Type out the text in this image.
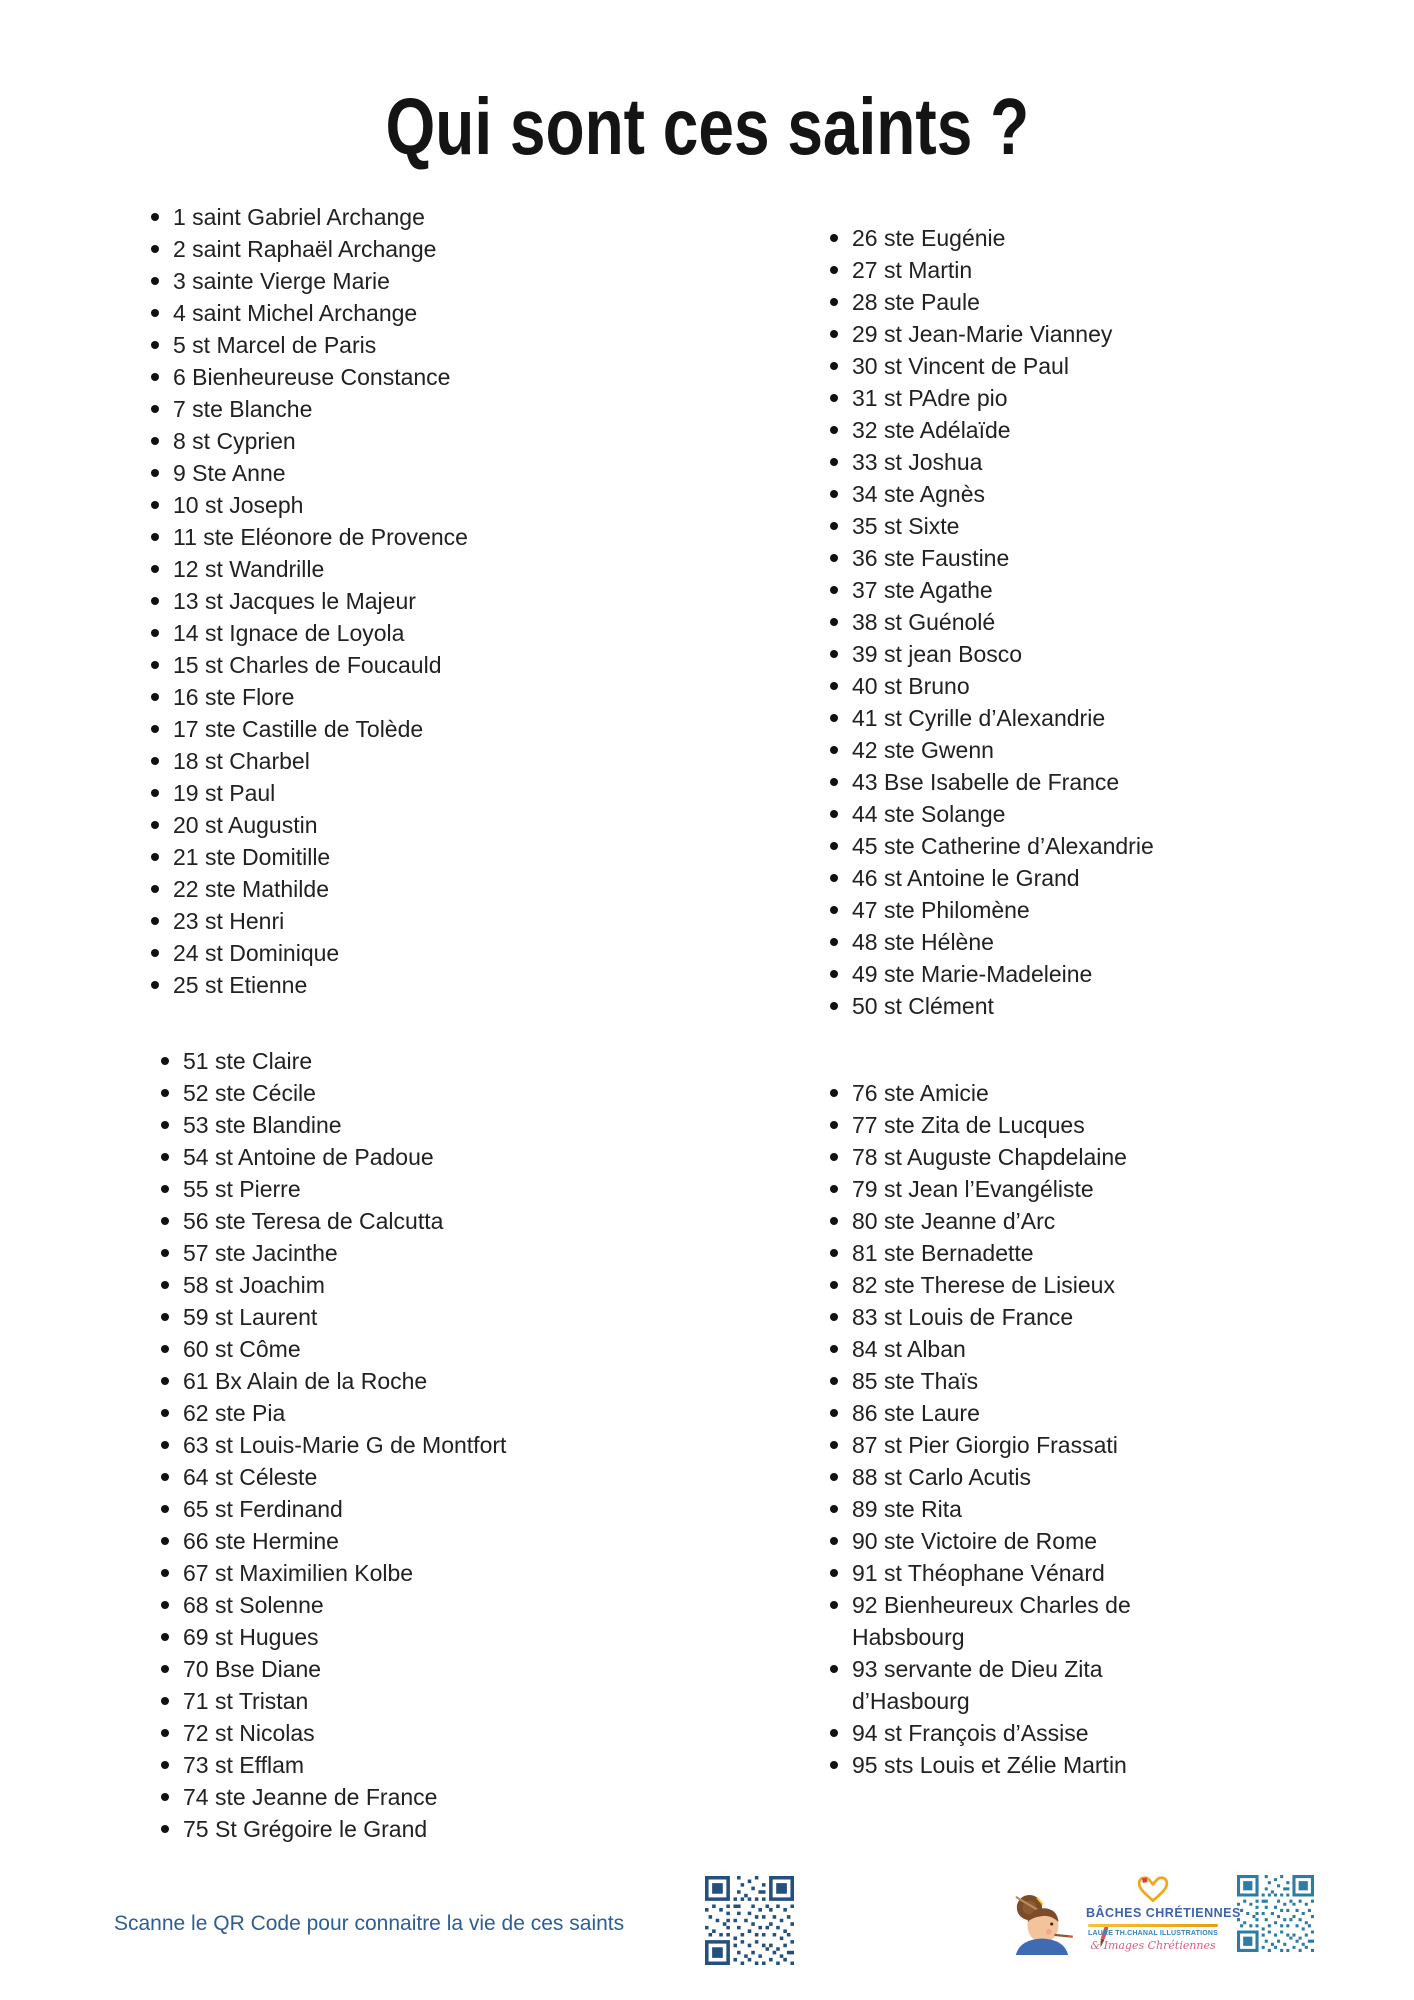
Qui sont ces saints ?
1 saint Gabriel Archange
2 saint Raphaël Archange
3 sainte Vierge Marie
4 saint Michel Archange
5 st Marcel de Paris
6 Bienheureuse Constance
7 ste Blanche
8 st Cyprien
9 Ste Anne
10 st Joseph
11 ste Eléonore de Provence
12 st Wandrille
13 st Jacques le Majeur
14 st Ignace de Loyola
15 st Charles de Foucauld
16 ste Flore
17 ste Castille de Tolède
18 st Charbel
19 st Paul
20 st Augustin
21 ste Domitille
22 ste Mathilde
23 st Henri
24 st Dominique
25 st Etienne
26 ste Eugénie
27 st Martin
28 ste Paule
29 st Jean-Marie Vianney
30 st Vincent de Paul
31 st PAdre pio
32 ste Adélaïde
33 st Joshua
34 ste Agnès
35 st Sixte
36 ste Faustine
37 ste Agathe
38 st Guénolé
39 st jean Bosco
40 st Bruno
41 st Cyrille d’Alexandrie
42 ste Gwenn
43 Bse Isabelle de France
44 ste Solange
45 ste Catherine d’Alexandrie
46 st Antoine le Grand
47 ste Philomène
48 ste Hélène
49 ste Marie-Madeleine
50 st Clément
51 ste Claire
52 ste Cécile
53 ste Blandine
54 st Antoine de Padoue
55 st Pierre
56 ste Teresa de Calcutta
57 ste Jacinthe
58 st Joachim
59 st Laurent
60 st Côme
61 Bx Alain de la Roche
62 ste Pia
63 st Louis-Marie G de Montfort
64 st Céleste
65 st Ferdinand
66 ste Hermine
67 st Maximilien Kolbe
68 st Solenne
69 st Hugues
70 Bse Diane
71 st Tristan
72 st Nicolas
73 st Efflam
74 ste Jeanne de France
75 St Grégoire le Grand
76 ste Amicie
77 ste Zita de Lucques
78 st Auguste Chapdelaine
79 st Jean l’Evangéliste
80 ste Jeanne d’Arc
81 ste Bernadette
82 ste Therese de Lisieux
83 st Louis de France
84 st Alban
85 ste Thaïs
86 ste Laure
87 st Pier Giorgio Frassati
88 st Carlo Acutis
89 ste Rita
90 ste Victoire de Rome
91 st Théophane Vénard
92 Bienheureux Charles de Habsbourg
93 servante de Dieu Zita d’Hasbourg
94 st François d’Assise
95 sts Louis et Zélie Martin

Scanne le QR Code pour connaitre la vie de ces saints	BÂCHES CHRÉTIENNES

LAURE TH.CHANAL ILLUSTRATIONS

& Images Chrétiennes
